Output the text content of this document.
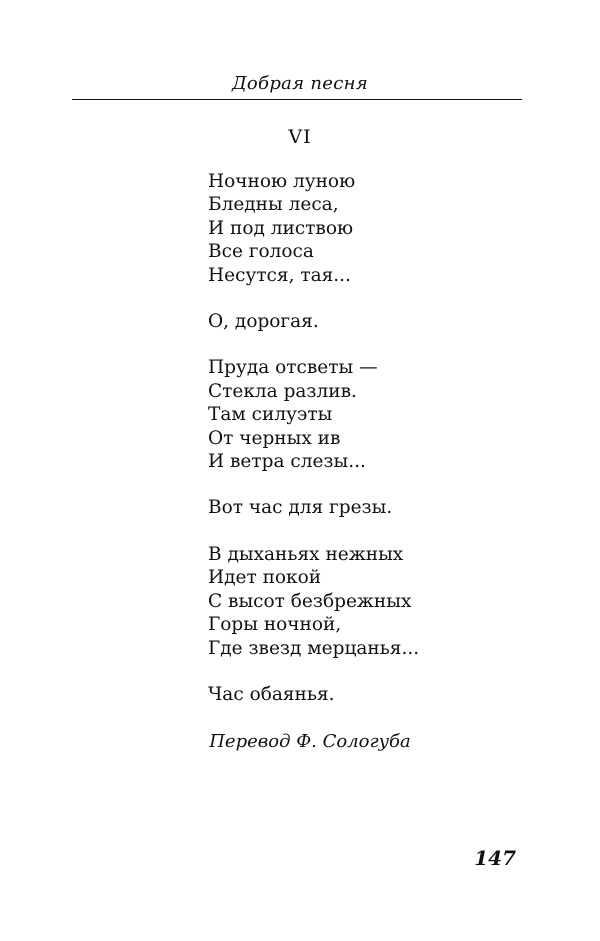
Добрая песня
VI
Ночною луною
Бледны леса,
И под листвою
Все голоса
Несутся, тая...
О, дорогая.
Пруда отсветы —
Стекла разлив.
Там силуэты
От черных ив
И ветра слезы...
Вот час для грезы.
В дыханьях нежных
Идет покой
С высот безбрежных
Горы ночной,
Где звезд мерцанья...
Час обаянья.
Перевод Ф. Сологуба
147
